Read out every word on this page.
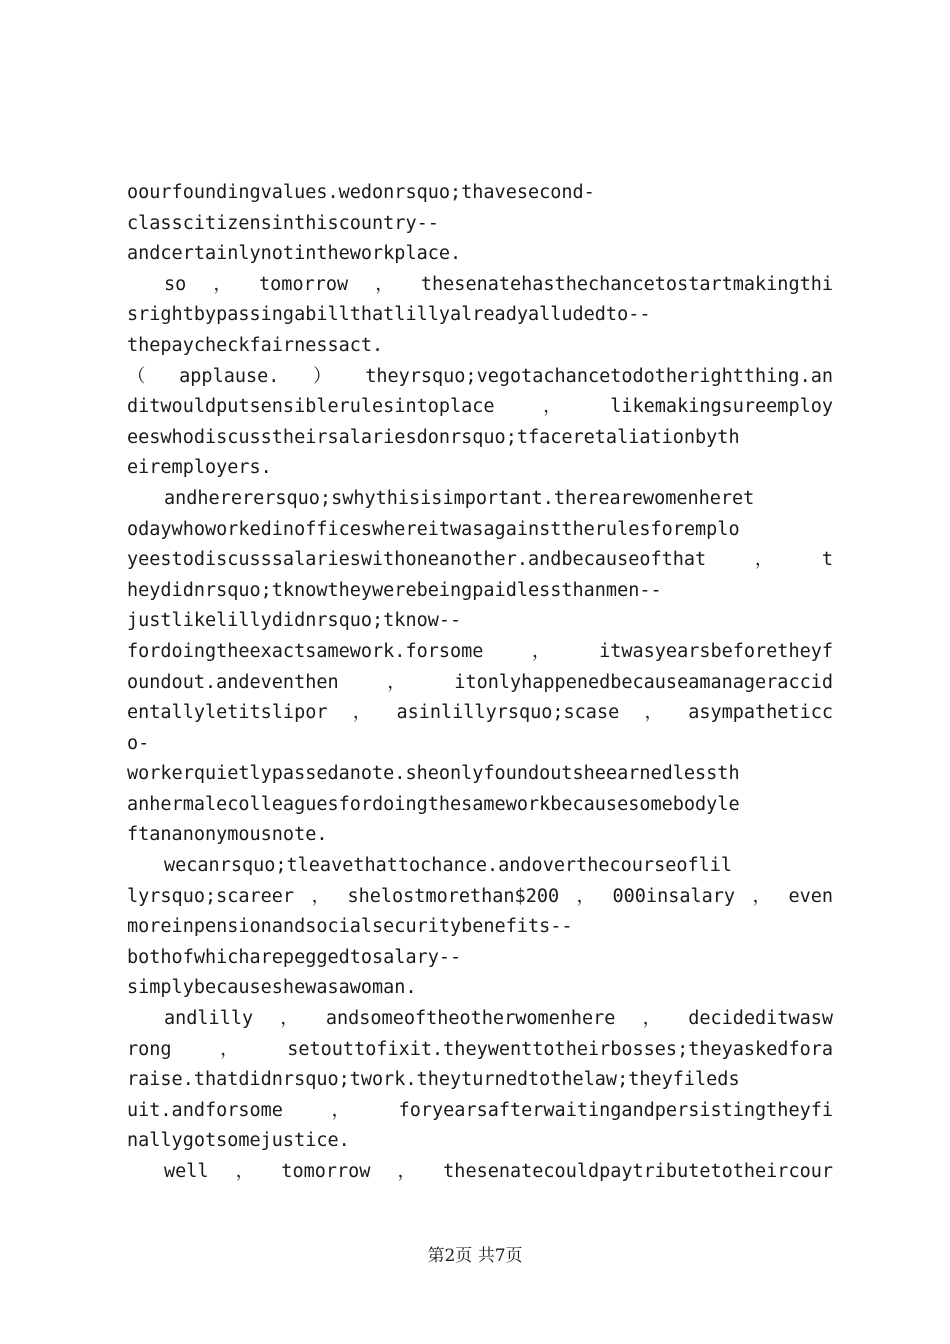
oourfoundingvalues.wedonrsquo;thavesecond-
classcitizensinthiscountry--
andcertainlynotintheworkplace.
so，tomorrow，thesenatehasthechancetostartmakingthi
srightbypassingabillthatlillyalreadyalludedto--
thepaycheckfairnessact.
（applause.）theyrsquo;vegotachancetodotherightthing.an
ditwouldputsensiblerulesintoplace，likemakingsureemploy
eeswhodiscusstheirsalariesdonrsquo;tfaceretaliationbyth
eiremployers.
andhererersquo;swhythisisimportant.therearewomenheret
odaywhoworkedinofficeswhereitwasagainsttherulesforemplo
yeestodiscusssalarieswithoneanother.andbecauseofthat，t
heydidnrsquo;tknowtheywerebeingpaidlessthanmen--
justlikelillydidnrsquo;tknow--
fordoingtheexactsamework.forsome，itwasyearsbeforetheyf
oundout.andeventhen，itonlyhappenedbecauseamanageraccid
entallyletitslipor，asinlillyrsquo;scase，asympatheticc
o-
workerquietlypassedanote.sheonlyfoundoutsheearnedlessth
anhermalecolleaguesfordoingthesameworkbecausesomebodyle
ftananonymousnote.
wecanrsquo;tleavethattochance.andoverthecourseoflil
lyrsquo;scareer，shelostmorethan$200，000insalary，even
moreinpensionandsocialsecuritybenefits--
bothofwhicharepeggedtosalary--
simplybecauseshewasawoman.
andlilly，andsomeoftheotherwomenhere，decideditwasw
rong，setouttofixit.theywenttotheirbosses;theyaskedfora
raise.thatdidnrsquo;twork.theyturnedtothelaw;theyfileds
uit.andforsome，foryearsafterwaitingandpersistingtheyfi
nallygotsomejustice.
well，tomorrow，thesenatecouldpaytributetotheircour
第2页 共7页
